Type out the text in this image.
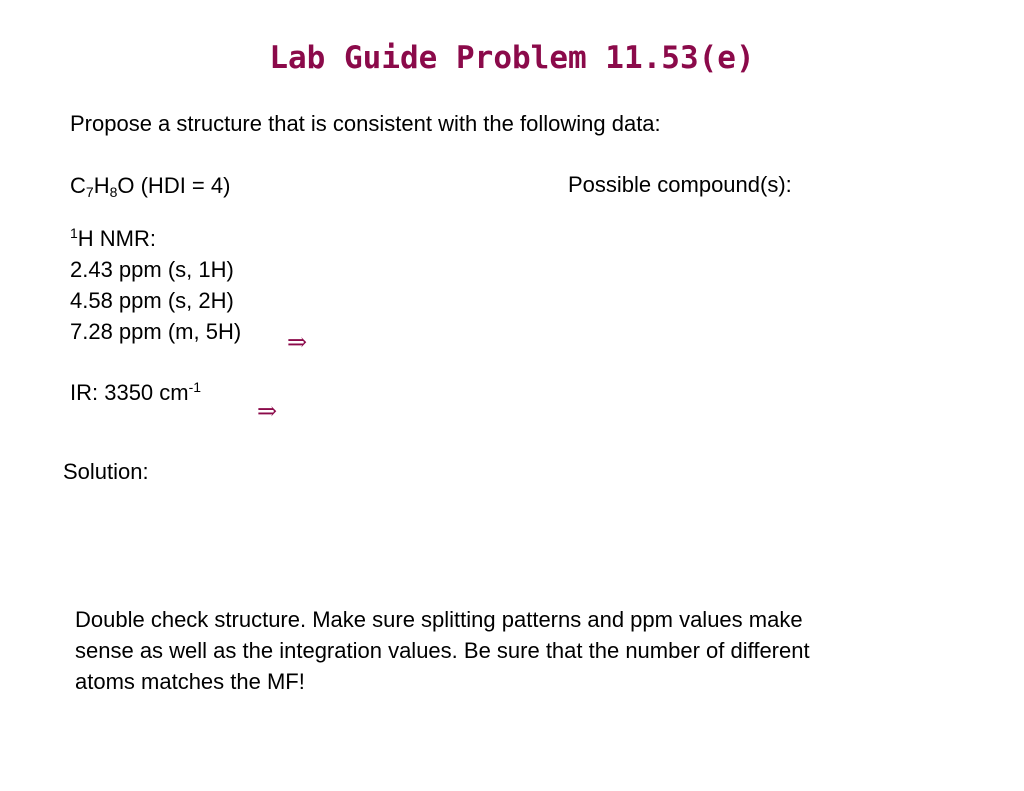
Lab Guide Problem 11.53(e)
Propose a structure that is consistent with the following data:
$C_7H_8O$ (HDI = 4)	Possible compound(s):
$^1$H NMR:
2.43 ppm (s, 1H)
4.58 ppm (s, 2H)
7.28 ppm (m, 5H) ⇒
IR: 3350 $cm^{-1}$
⇒
Solution:
Double check structure. Make sure splitting patterns and ppm values make
sense as well as the integration values. Be sure that the number of different
atoms matches the MF!
